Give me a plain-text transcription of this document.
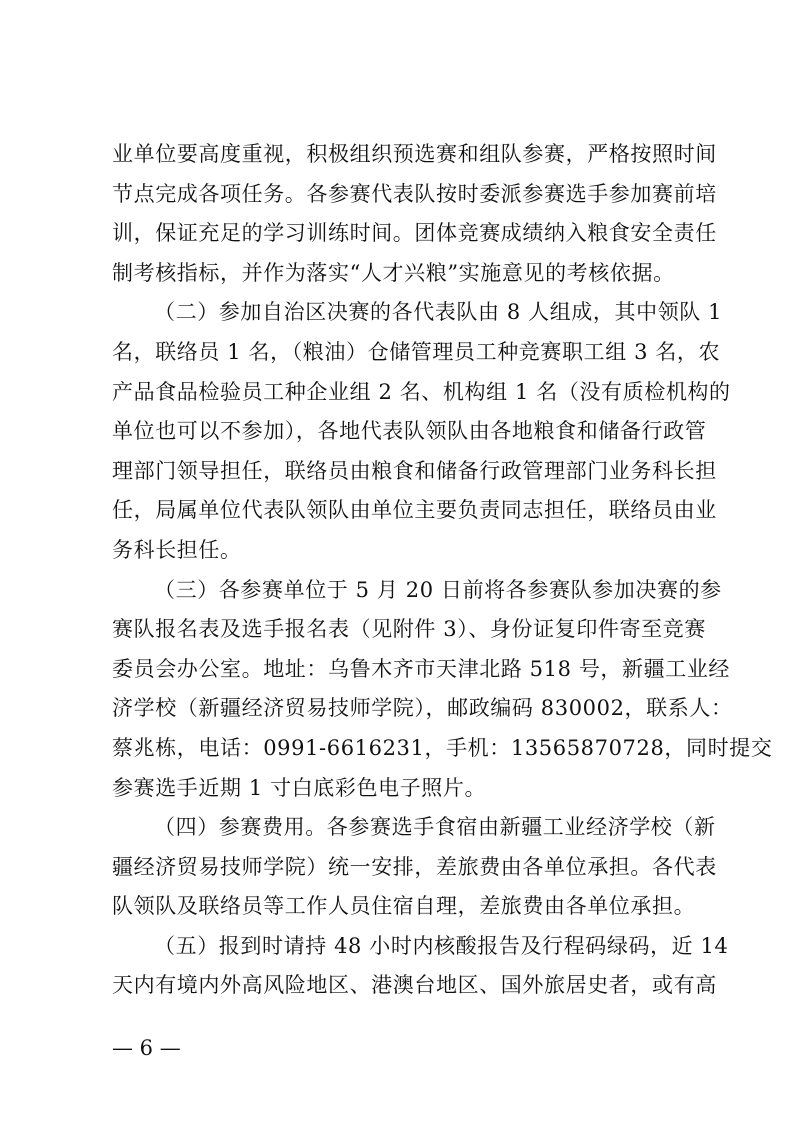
业单位要高度重视，积极组织预选赛和组队参赛，严格按照时间
节点完成各项任务。各参赛代表队按时委派参赛选手参加赛前培
训，保证充足的学习训练时间。团体竞赛成绩纳入粮食安全责任
制考核指标，并作为落实“人才兴粮”实施意见的考核依据。
（二）参加自治区决赛的各代表队由 8 人组成，其中领队 1
名，联络员 1 名，（粮油）仓储管理员工种竞赛职工组 3 名，农
产品食品检验员工种企业组 2 名、机构组 1 名（没有质检机构的
单位也可以不参加），各地代表队领队由各地粮食和储备行政管
理部门领导担任，联络员由粮食和储备行政管理部门业务科长担
任，局属单位代表队领队由单位主要负责同志担任，联络员由业
务科长担任。
（三）各参赛单位于 5 月 20 日前将各参赛队参加决赛的参
赛队报名表及选手报名表（见附件 3）、身份证复印件寄至竞赛
委员会办公室。地址：乌鲁木齐市天津北路 518 号，新疆工业经
济学校（新疆经济贸易技师学院），邮政编码 830002，联系人：
蔡兆栋，电话：0991-6616231，手机：13565870728，同时提交
参赛选手近期 1 寸白底彩色电子照片。
（四）参赛费用。各参赛选手食宿由新疆工业经济学校（新
疆经济贸易技师学院）统一安排，差旅费由各单位承担。各代表
队领队及联络员等工作人员住宿自理，差旅费由各单位承担。
（五）报到时请持 48 小时内核酸报告及行程码绿码，近 14
天内有境内外高风险地区、港澳台地区、国外旅居史者，或有高
— 6 —
